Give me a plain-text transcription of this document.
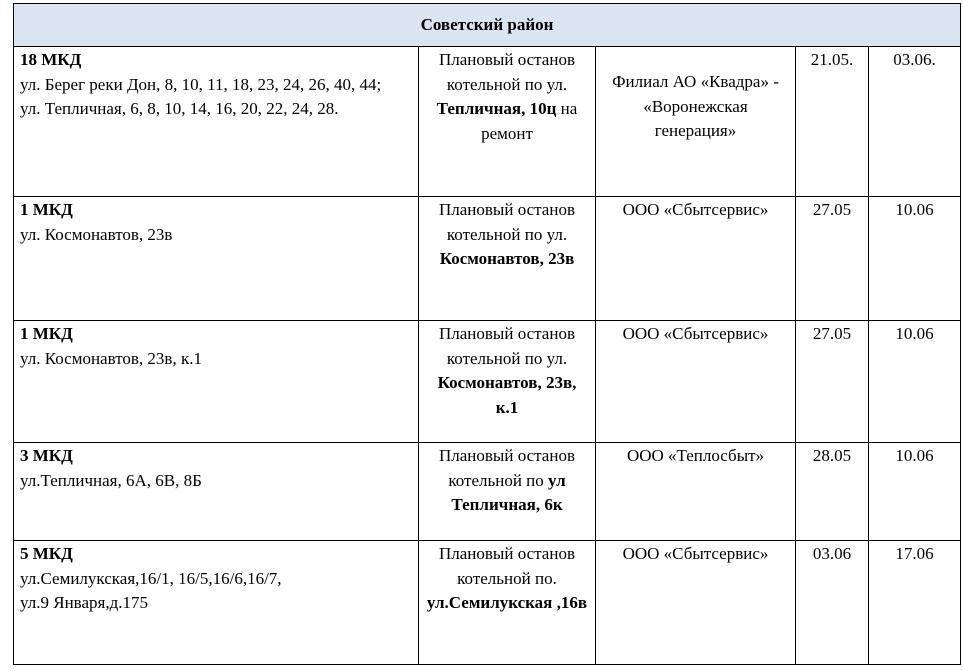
Советский район				

18 МКД
ул. Берег реки Дон, 8, 10, 11, 18, 23, 24, 26, 40, 44;
ул. Тепличная, 6, 8, 10, 14, 16, 20, 22, 24, 28.	Плановый останов котельной по ул. Тепличная, 10ц на ремонт	Филиал АО «Квадра» - «Воронежская генерация»	21.05.	03.06.

1 МКД
ул. Космонавтов, 23в	Плановый останов котельной по ул. Космонавтов, 23в	ООО «Сбытсервис»	27.05	10.06

1 МКД
ул. Космонавтов, 23в, к.1	Плановый останов котельной по ул. Космонавтов, 23в, к.1	ООО «Сбытсервис»	27.05	10.06

3 МКД
ул.Тепличная, 6А, 6В, 8Б	Плановый останов котельной по ул Тепличная, 6к	ООО «Теплосбыт»	28.05	10.06

5 МКД
ул.Семилукская,16/1, 16/5,16/6,16/7,
ул.9 Января,д.175	Плановый останов котельной по. ул.Семилукская ,16в	ООО «Сбытсервис»	03.06	17.06
